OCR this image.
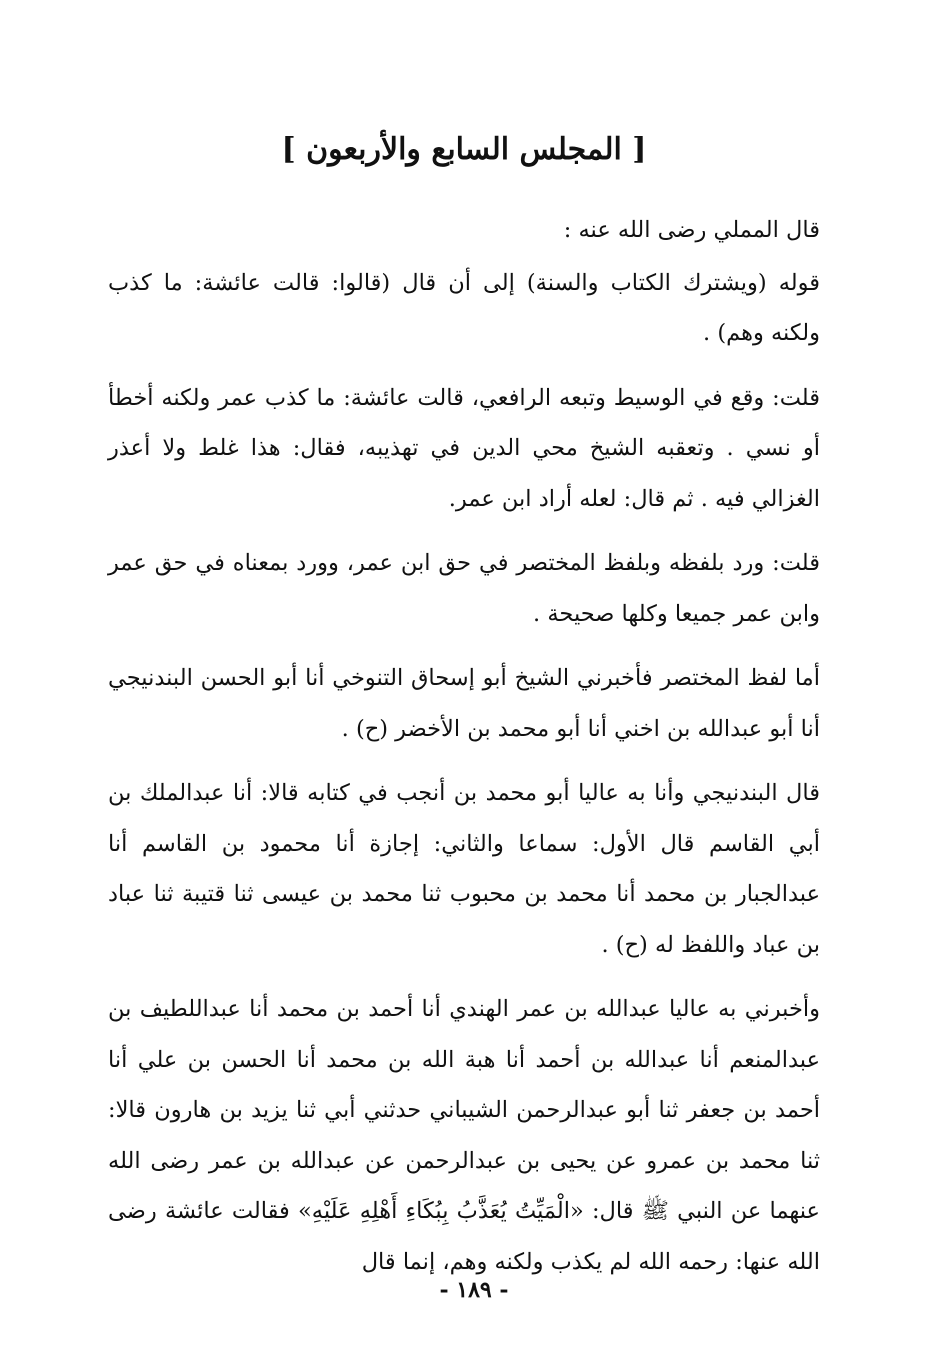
[ المجلس السابع والأربعون ]

قال المملي رضى الله عنه :

قوله (ويشترك الكتاب والسنة) إلى أن قال (قالوا: قالت عائشة: ما كذب ولكنه وهم) .

قلت: وقع في الوسيط وتبعه الرافعي، قالت عائشة: ما كذب عمر ولكنه أخطأ أو نسي . وتعقبه الشيخ محي الدين في تهذيبه، فقال: هذا غلط ولا أعذر الغزالي فيه . ثم قال: لعله أراد ابن عمر.

قلت: ورد بلفظه وبلفظ المختصر في حق ابن عمر، وورد بمعناه في حق عمر وابن عمر جميعا وكلها صحيحة .

أما لفظ المختصر فأخبرني الشيخ أبو إسحاق التنوخي أنا أبو الحسن البندنيجي أنا أبو عبدالله بن اخني أنا أبو محمد بن الأخضر (ح) .

قال البندنيجي وأنا به عاليا أبو محمد بن أنجب في كتابه قالا: أنا عبدالملك بن أبي القاسم قال الأول: سماعا والثاني: إجازة أنا محمود بن القاسم أنا عبدالجبار بن محمد أنا محمد بن محبوب ثنا محمد بن عيسى ثنا قتيبة ثنا عباد بن عباد واللفظ له (ح) .

وأخبرني به عاليا عبدالله بن عمر الهندي أنا أحمد بن محمد أنا عبداللطيف بن عبدالمنعم أنا عبدالله بن أحمد أنا هبة الله بن محمد أنا الحسن بن علي أنا أحمد بن جعفر ثنا أبو عبدالرحمن الشيباني حدثني أبي ثنا يزيد بن هارون قالا: ثنا محمد بن عمرو عن يحيى بن عبدالرحمن عن عبدالله بن عمر رضى الله عنهما عن النبي ﷺ قال: «الْمَيِّتُ يُعَذَّبُ بِبُكَاءِ أَهْلِهِ عَلَيْهِ» فقالت عائشة رضى الله عنها: رحمه الله لم يكذب ولكنه وهم، إنما قال

- ١٨٩ -
